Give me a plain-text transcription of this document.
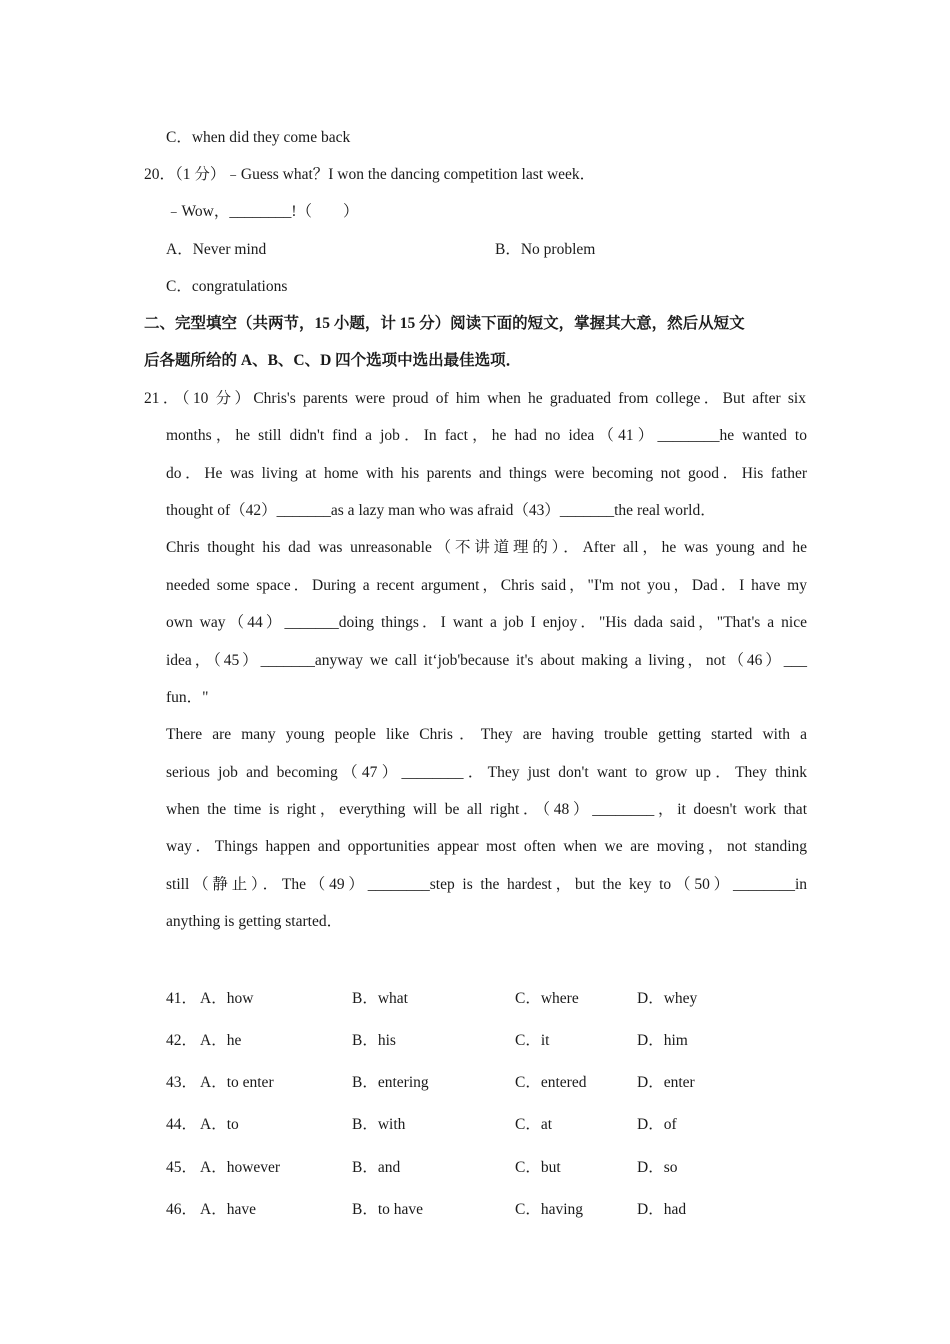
C．when did they come back
20．（1 分）﹣Guess what？I won the dancing competition last week．
﹣Wow，________!（　　）
A．Never mind	B．No problem
C．congratulations
二、完型填空（共两节，15 小题，计 15 分）阅读下面的短文，掌握其大意，然后从短文
后各题所给的 A、B、C、D 四个选项中选出最佳选项．
21．（10 分）Chris's parents were proud of him when he graduated from college．But after six
months，he still didn't find a job．In fact，he had no idea（41）________he wanted to
do．He was living at home with his parents and things were becoming not good．His father
thought of（42）_______as a lazy man who was afraid（43）_______the real world．
Chris thought his dad was unreasonable（不讲道理的）．After all，he was young and he
needed some space．During a recent argument，Chris said，"I'm not you，Dad．I have my
own way（44）_______doing things．I want a job I enjoy．"His dada said，"That's a nice
idea，（45）_______anyway we call it‘job'because it's about making a living，not（46）___
fun．"
There are many young people like Chris．They are having trouble getting started with a
serious job and becoming（47）________．They just don't want to grow up．They think
when the time is right，everything will be all right．（48）________，it doesn't work that
way．Things happen and opportunities appear most often when we are moving，not standing
still（静止）．The（49）________step is the hardest，but the key to（50）________in
anything is getting started．
41． A．how	B．what	C．where	D．whey
42． A．he	B．his	C．it	D．him
43． A．to enter	B．entering	C．entered	D．enter
44． A．to	B．with	C．at	D．of
45． A．however	B．and	C．but	D．so
46． A．have	B．to have	C．having	D．had
